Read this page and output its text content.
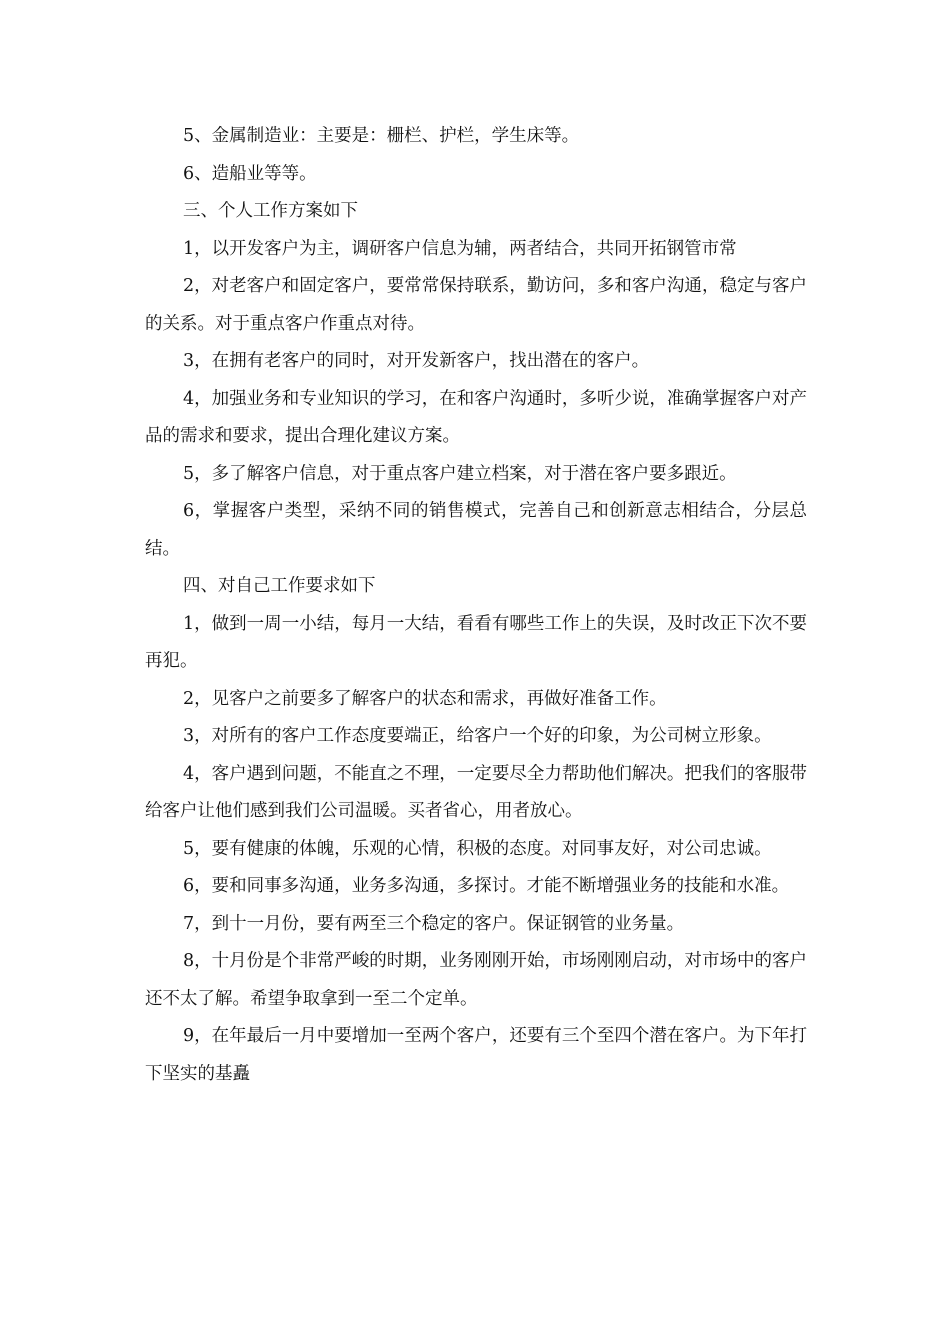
5、金属制造业：主要是：栅栏、护栏，学生床等。

6、造船业等等。

三、个人工作方案如下

1，以开发客户为主，调研客户信息为辅，两者结合，共同开拓钢管市常

2，对老客户和固定客户，要常常保持联系，勤访问，多和客户沟通，稳定与客户的关系。对于重点客户作重点对待。

3，在拥有老客户的同时，对开发新客户，找出潜在的客户。

4，加强业务和专业知识的学习，在和客户沟通时，多听少说，准确掌握客户对产品的需求和要求，提出合理化建议方案。

5，多了解客户信息，对于重点客户建立档案，对于潜在客户要多跟近。

6，掌握客户类型，采纳不同的销售模式，完善自己和创新意志相结合，分层总结。

四、对自己工作要求如下

1，做到一周一小结，每月一大结，看看有哪些工作上的失误，及时改正下次不要再犯。

2，见客户之前要多了解客户的状态和需求，再做好准备工作。

3，对所有的客户工作态度要端正，给客户一个好的印象，为公司树立形象。

4，客户遇到问题，不能直之不理，一定要尽全力帮助他们解决。把我们的客服带给客户让他们感到我们公司温暖。买者省心，用者放心。

5，要有健康的体魄，乐观的心情，积极的态度。对同事友好，对公司忠诚。

6，要和同事多沟通，业务多沟通，多探讨。才能不断增强业务的技能和水准。

7，到十一月份，要有两至三个稳定的客户。保证钢管的业务量。

8，十月份是个非常严峻的时期，业务刚刚开始，市场刚刚启动，对市场中的客户还不太了解。希望争取拿到一至二个定单。

9，在年最后一月中要增加一至两个客户，还要有三个至四个潜在客户。为下年打下坚实的基矗
